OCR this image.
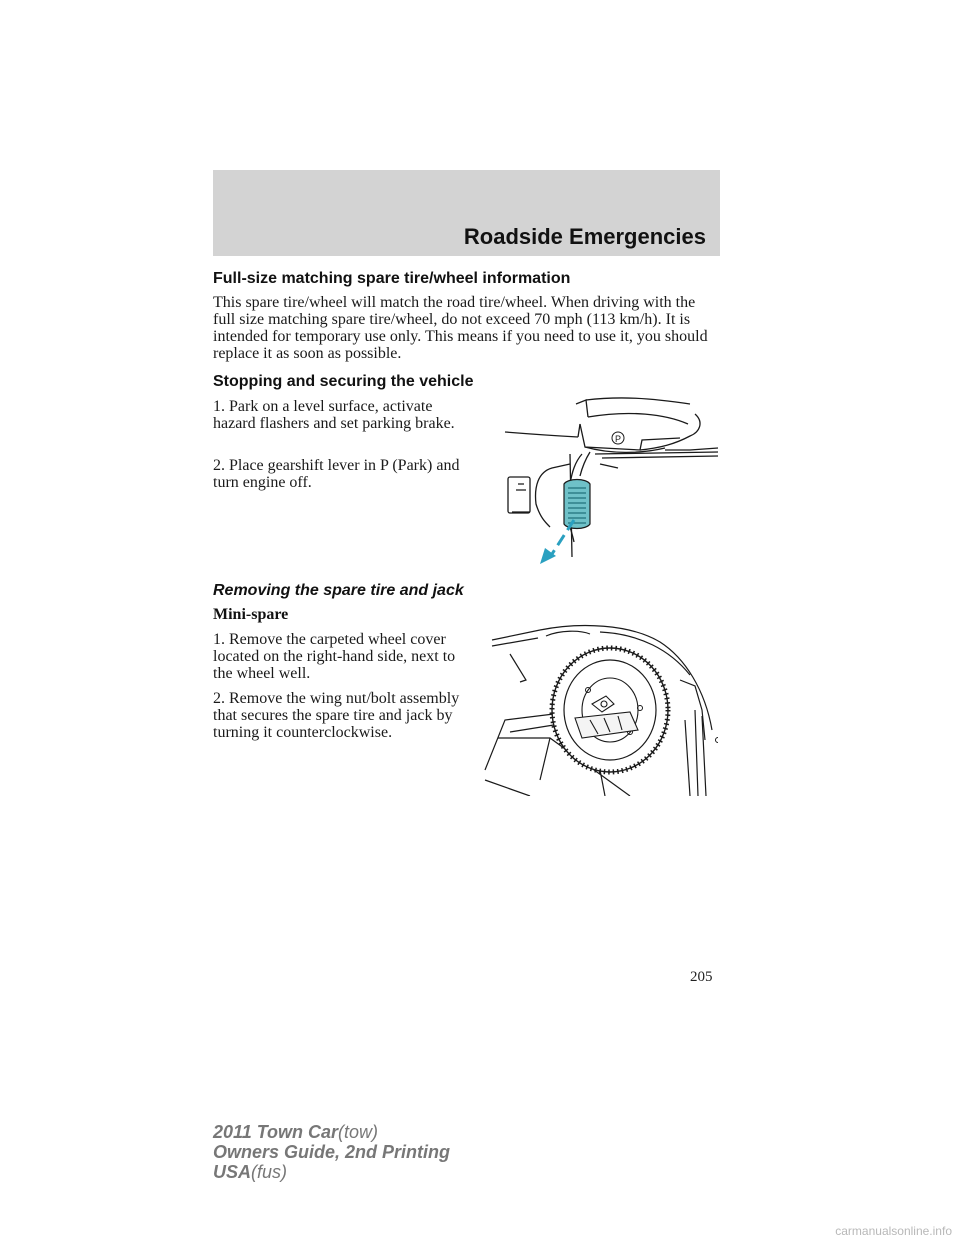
Roadside Emergencies
Full-size matching spare tire/wheel information

This spare tire/wheel will match the road tire/wheel. When driving with the full size matching spare tire/wheel, do not exceed 70 mph (113 km/h). It is intended for temporary use only. This means if you need to use it, you should replace it as soon as possible.

Stopping and securing the vehicle

1. Park on a level surface, activate hazard flashers and set parking brake.

2. Place gearshift lever in P (Park) and turn engine off.

P
Removing the spare tire and jack
Mini-spare

1. Remove the carpeted wheel cover located on the right-hand side, next to the wheel well.

2. Remove the wing nut/bolt assembly that secures the spare tire and jack by turning it counterclockwise.

205
2011 Town Car(tow)
Owners Guide, 2nd Printing
USA(fus)
carmanualsonline.info
